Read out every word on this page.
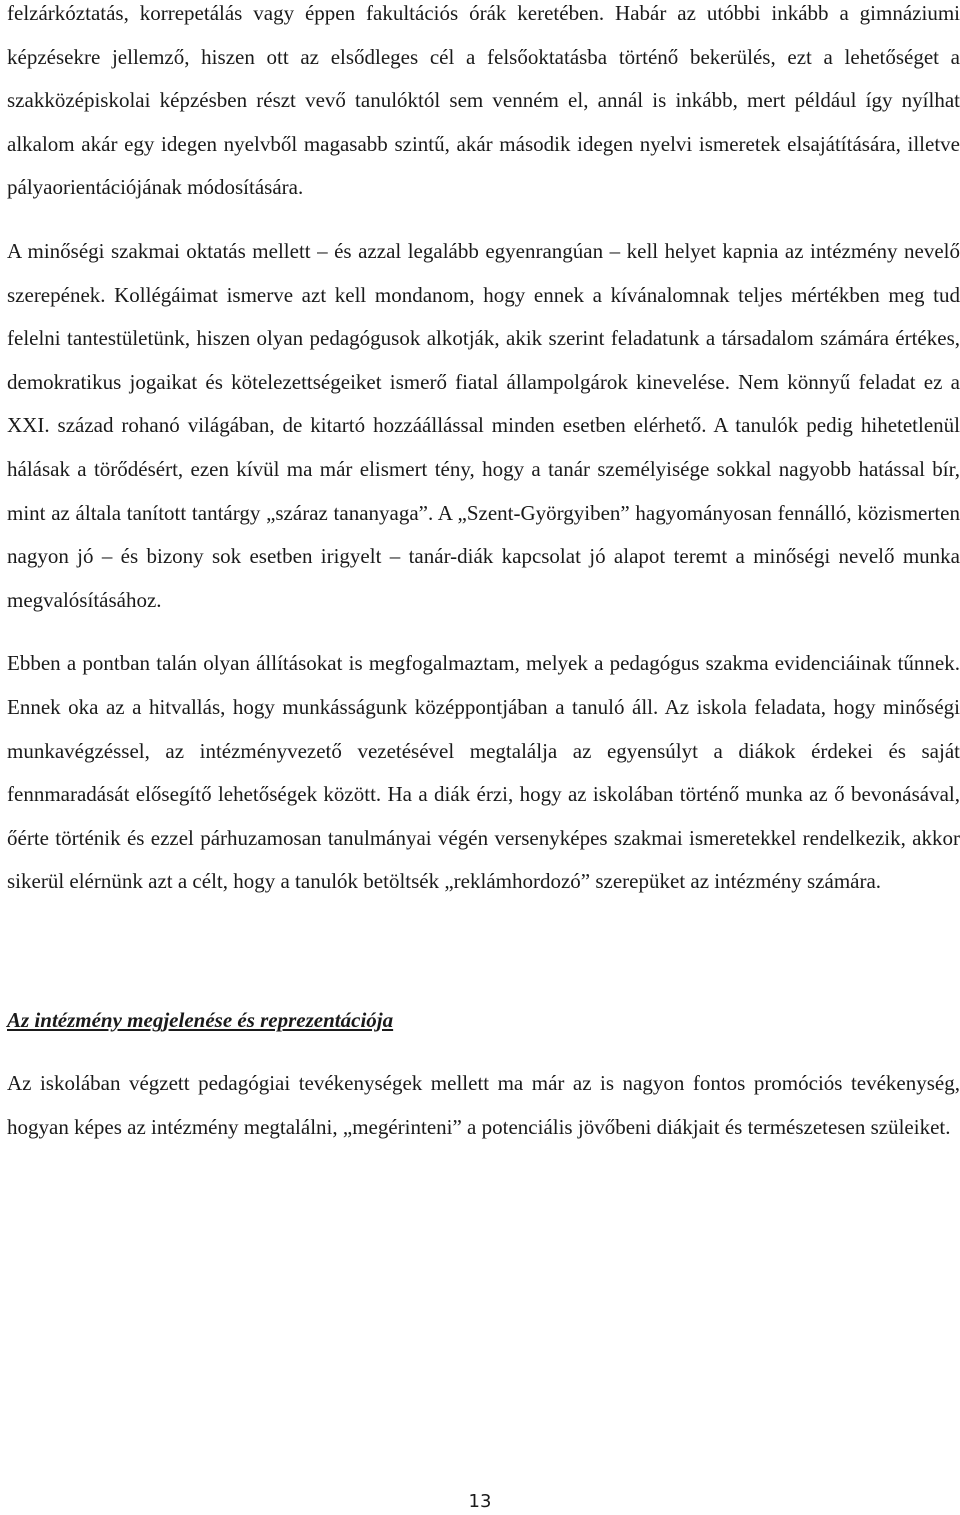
felzárkóztatás, korrepetálás vagy éppen fakultációs órák keretében. Habár az utóbbi inkább a gimnáziumi képzésekre jellemző, hiszen ott az elsődleges cél a felsőoktatásba történő bekerülés, ezt a lehetőséget a szakközépiskolai képzésben részt vevő tanulóktól sem venném el, annál is inkább, mert például így nyílhat alkalom akár egy idegen nyelvből magasabb szintű, akár második idegen nyelvi ismeretek elsajátítására, illetve pályaorientációjának módosítására.

A minőségi szakmai oktatás mellett – és azzal legalább egyenrangúan – kell helyet kapnia az intézmény nevelő szerepének. Kollégáimat ismerve azt kell mondanom, hogy ennek a kívánalomnak teljes mértékben meg tud felelni tantestületünk, hiszen olyan pedagógusok alkotják, akik szerint feladatunk a társadalom számára értékes, demokratikus jogaikat és kötelezettségeiket ismerő fiatal állampolgárok kinevelése. Nem könnyű feladat ez a XXI. század rohanó világában, de kitartó hozzáállással minden esetben elérhető. A tanulók pedig hihetetlenül hálásak a törődésért, ezen kívül ma már elismert tény, hogy a tanár személyisége sokkal nagyobb hatással bír, mint az általa tanított tantárgy „száraz tananyaga”. A „Szent-Györgyiben” hagyományosan fennálló, közismerten nagyon jó – és bizony sok esetben irigyelt – tanár-diák kapcsolat jó alapot teremt a minőségi nevelő munka megvalósításához.

Ebben a pontban talán olyan állításokat is megfogalmaztam, melyek a pedagógus szakma evidenciáinak tűnnek. Ennek oka az a hitvallás, hogy munkásságunk középpontjában a tanuló áll. Az iskola feladata, hogy minőségi munkavégzéssel, az intézményvezető vezetésével megtalálja az egyensúlyt a diákok érdekei és saját fennmaradását elősegítő lehetőségek között. Ha a diák érzi, hogy az iskolában történő munka az ő bevonásával, őérte történik és ezzel párhuzamosan tanulmányai végén versenyképes szakmai ismeretekkel rendelkezik, akkor sikerül elérnünk azt a célt, hogy a tanulók betöltsék „reklámhordozó” szerepüket az intézmény számára.

Az intézmény megjelenése és reprezentációja

Az iskolában végzett pedagógiai tevékenységek mellett ma már az is nagyon fontos promóciós tevékenység, hogyan képes az intézmény megtalálni, „megérinteni” a potenciális jövőbeni diákjait és természetesen szüleiket.

13
